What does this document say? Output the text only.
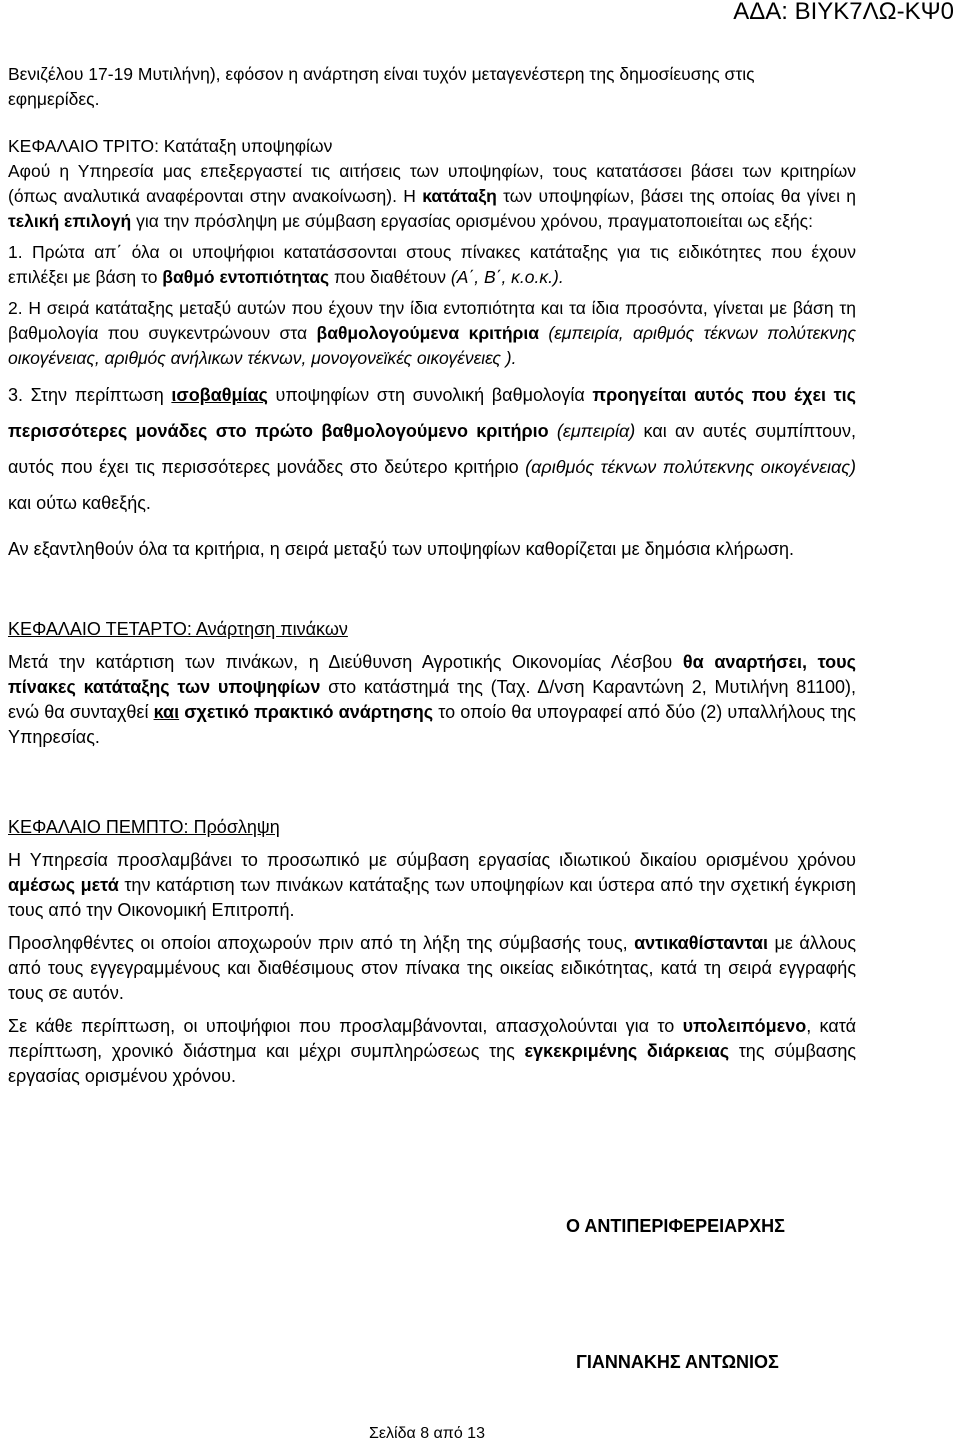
ΑΔΑ: ΒΙΥΚ7ΛΩ-ΚΨ0

Βενιζέλου 17-19 Μυτιλήνη), εφόσον η ανάρτηση είναι τυχόν μεταγενέστερη της δημοσίευσης στις εφημερίδες.

ΚΕΦΑΛΑΙΟ ΤΡΙΤΟ: Κατάταξη υποψηφίων

Αφού η Υπηρεσία μας επεξεργαστεί τις αιτήσεις των υποψηφίων, τους κατατάσσει βάσει των κριτηρίων (όπως αναλυτικά αναφέρονται στην ανακοίνωση). Η κατάταξη των υποψηφίων, βάσει της οποίας θα γίνει η τελική επιλογή για την πρόσληψη με σύμβαση εργασίας ορισμένου χρόνου, πραγματοποιείται ως εξής:

1. Πρώτα απ΄ όλα οι υποψήφιοι κατατάσσονται στους πίνακες κατάταξης για τις ειδικότητες που έχουν επιλέξει με βάση το βαθμό εντοπιότητας που διαθέτουν (Α΄, Β΄, κ.ο.κ.).

2. Η σειρά κατάταξης μεταξύ αυτών που έχουν την ίδια εντοπιότητα και τα ίδια προσόντα, γίνεται με βάση τη βαθμολογία που συγκεντρώνουν στα βαθμολογούμενα κριτήρια (εμπειρία, αριθμός τέκνων πολύτεκνης οικογένειας, αριθμός ανήλικων τέκνων, μονογονεϊκές οικογένειες ).

3. Στην περίπτωση ισοβαθμίας υποψηφίων στη συνολική βαθμολογία προηγείται αυτός που έχει τις περισσότερες μονάδες στο πρώτο βαθμολογούμενο κριτήριο (εμπειρία) και αν αυτές συμπίπτουν, αυτός που έχει τις περισσότερες μονάδες στο δεύτερο κριτήριο (αριθμός τέκνων πολύτεκνης οικογένειας) και ούτω καθεξής.

Αν εξαντληθούν όλα τα κριτήρια, η σειρά μεταξύ των υποψηφίων καθορίζεται με δημόσια κλήρωση.

ΚΕΦΑΛΑΙΟ ΤΕΤΑΡΤΟ: Ανάρτηση πινάκων

Μετά την κατάρτιση των πινάκων, η Διεύθυνση Αγροτικής Οικονομίας Λέσβου θα αναρτήσει, τους πίνακες κατάταξης των υποψηφίων στο κατάστημά της (Ταχ. Δ/νση Καραντώνη 2, Μυτιλήνη 81100), ενώ θα συνταχθεί και σχετικό πρακτικό ανάρτησης το οποίο θα υπογραφεί από δύο (2) υπαλλήλους της Υπηρεσίας.

ΚΕΦΑΛΑΙΟ ΠΕΜΠΤΟ: Πρόσληψη

Η Υπηρεσία προσλαμβάνει το προσωπικό με σύμβαση εργασίας ιδιωτικού δικαίου ορισμένου χρόνου αμέσως μετά την κατάρτιση των πινάκων κατάταξης των υποψηφίων και ύστερα από την σχετική έγκριση τους από την Οικονομική Επιτροπή.

Προσληφθέντες οι οποίοι αποχωρούν πριν από τη λήξη της σύμβασής τους, αντικαθίστανται με άλλους από τους εγγεγραμμένους και διαθέσιμους στον πίνακα της οικείας ειδικότητας, κατά τη σειρά εγγραφής τους σε αυτόν.

Σε κάθε περίπτωση, οι υποψήφιοι που προσλαμβάνονται, απασχολούνται για το υπολειπόμενο, κατά περίπτωση, χρονικό διάστημα και μέχρι συμπληρώσεως της εγκεκριμένης διάρκειας της σύμβασης εργασίας ορισμένου χρόνου.

Ο ΑΝΤΙΠΕΡΙΦΕΡΕΙΑΡΧΗΣ
ΓΙΑΝΝΑΚΗΣ ΑΝΤΩΝΙΟΣ
Σελίδα 8 από 13
